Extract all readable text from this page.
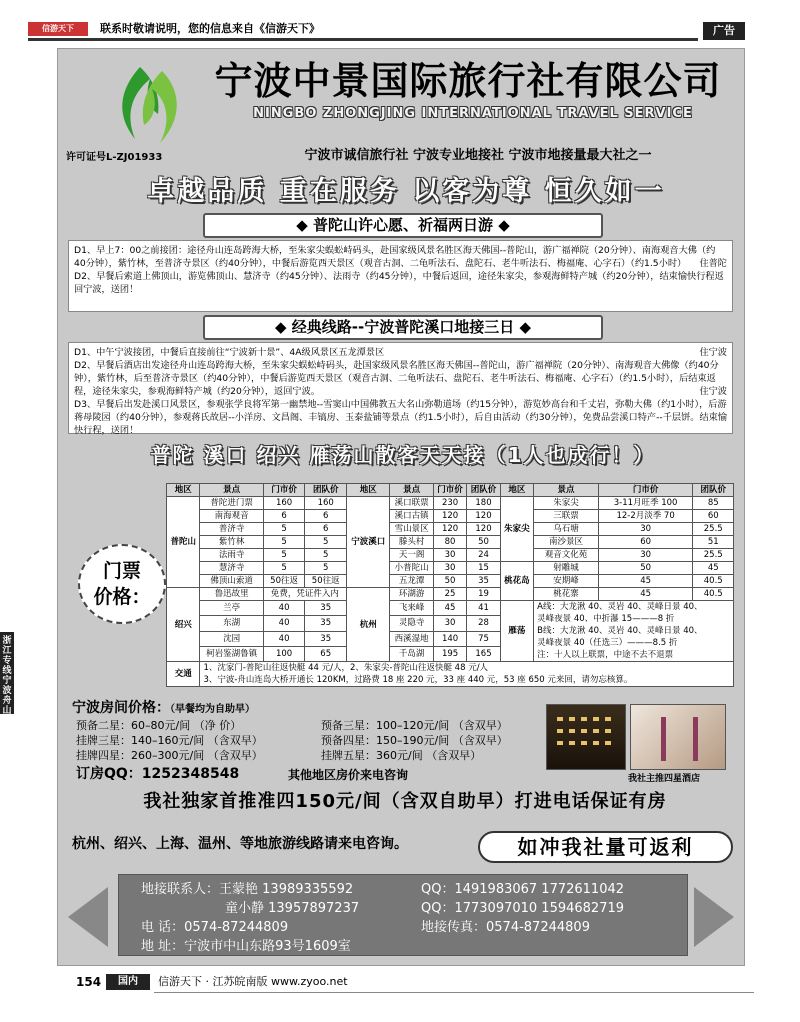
信游天下	联系时敬请说明，您的信息来自《信游天下》	广告
浙江专线宁波舟山
宁波中景国际旅行社有限公司
NINGBO ZHONGJING INTERNATIONAL TRAVEL SERVICE
许可证号L-ZJ01933	宁波市诚信旅行社 宁波专业地接社 宁波市地接量最大社之一
卓越品质 重在服务 以客为尊 恒久如一
◆ 普陀山许心愿、祈福两日游 ◆

D1、早上7：00之前接团：途径舟山连岛跨海大桥，至朱家尖蜈蚣峙码头，赴国家级风景名胜区海天佛国--普陀山，游广福禅院（20分钟）、南海观音大佛（约40分钟），紫竹林，至普济寺景区（约40分钟），中餐后游览西天景区（观音古洞、二龟听法石、盘陀石、老牛听法石、梅福庵、心字石）（约1.5小时） 住普陀

D2、早餐后索道上佛顶山，游览佛顶山、慧济寺（约45分钟）、法雨寺（约45分钟），中餐后返回，途径朱家尖，参观海鲜特产城（约20分钟），结束愉快行程返回宁波，送团！

◆ 经典线路--宁波普陀溪口地接三日 ◆

D1、中午宁波接团，中餐后直接前往“宁波新十景”、4A级风景区五龙潭景区	住宁波

D2、早餐后酒店出发途径舟山连岛跨海大桥，至朱家尖蜈蚣峙码头，赴国家级风景名胜区海天佛国--普陀山，游广福禅院（20分钟）、南海观音大佛像（约40分钟），紫竹林，后至普济寺景区（约40分钟），中餐后游览西天景区（观音古洞、二龟听法石、盘陀石、老牛听法石、梅福庵、心字石）（约1.5小时），后结束返程，途径朱家尖，参观海鲜特产城（约20分钟），返回宁波。	住宁波

D3、早餐后出发赴溪口风景区，参观张学良将军第一幽禁地--雪窦山中国佛教五大名山弥勒道场（约15分钟），游览妙高台和千丈岩，弥勒大佛（约1小时），后游蒋母陵园（约40分钟），参观蒋氏故居--小洋房、文昌阁、丰镐房、玉泰盐铺等景点（约1.5小时），后自由活动（约30分钟），免费品尝溪口特产--千层饼。结束愉快行程，送团！

普陀 溪口 绍兴 雁荡山散客天天接（1人也成行！）
门票
价格：
地区	景点	门市价	团队价	地区	景点	门市价	团队价	地区	景点	门市价	团队价
普陀山	普陀进门票	160	160	宁波溪口	溪口联票	230	180	朱家尖	朱家尖	3-11月旺季 100	85
	南海观音	6	6		溪口古镇	120	120		三联票	12-2月淡季 70	60
	普济寺	5	6		雪山景区	120	120		乌石塘	30	25.5
	紫竹林	5	5		滕头村	80	50		南沙景区	60	51
	法雨寺	5	5		天一阁	30	24		观音文化苑	30	25.5
	慧济寺	5	5		小普陀山	30	15	桃花岛	射雕城	50	45
	佛顶山索道	50往返	50往返		五龙潭	50	35		安期峰	45	40.5
绍兴	鲁迅故里	免费，凭证件入内		杭州	环湖游	25	19		桃花寨	45	40.5
	兰亭	40	35		飞来峰	45	41	雁荡	A线：大龙湫 40、灵岩 40、灵峰日景 40、
灵峰夜景 40、中折瀑 15———8 折
B线：大龙湫 40、灵岩 40、灵峰日景 40、
灵峰夜景 40（任选三）———8.5 折
注：十人以上联票，中途不去不退票		

	东湖	40	35		灵隐寺	30	28				
	沈园	40	35		西溪湿地	140	75				
	柯岩鉴湖鲁镇	100	65		千岛湖	195	165				
交通	1、沈家门-普陀山往返快艇 44 元/人，2、朱家尖-普陀山往返快艇 48 元/人
3、宁波-舟山连岛大桥开通长 120KM，过路费 18 座 220 元，33 座 440 元，53 座 650 元来回，请勿忘核算。										
宁波房间价格：（早餐均为自助早）
预备二星：60–80元/间 （净 价）	预备三星：100–120元/间 （含双早）
挂牌三星：140–160元/间 （含双早）	预备四星：150–190元/间 （含双早）
挂牌四星：260–300元/间 （含双早）	挂牌五星：360元/间 （含双早）
订房QQ：1252348548	其他地区房价来电咨询	我社主推四星酒店
我社独家首推准四150元/间（含双自助早）打进电话保证有房
杭州、绍兴、上海、温州、等地旅游线路请来电咨询。	如冲我社量可返利
地接联系人：王蒙艳 13989335592
童小静 13957897237
电 话：0574-87244809
地 址：宁波市中山东路93号1609室
QQ：1491983067 1772611042
QQ：1773097010 1594682719
地接传真：0574-87244809
154	国内	信游天下 · 江苏皖南版 www.zyoo.net
